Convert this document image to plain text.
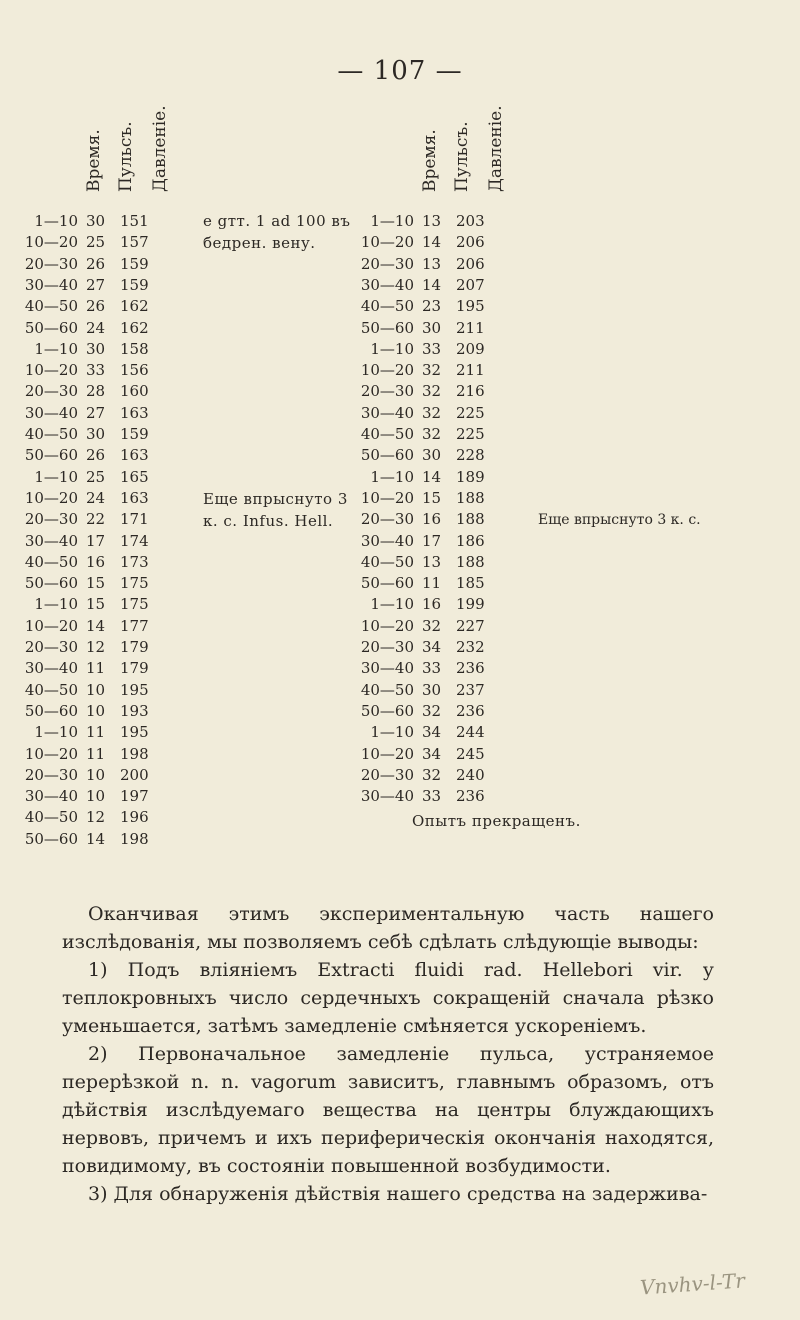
— 107 —
Время. Пульсъ. Давленіе.	Время. Пульсъ. Давленіе.
1—10 30 151
10—20 25 157
20—30 26 159
30—40 27 159
40—50 26 162
50—60 24 162
1—10 30 158
10—20 33 156
20—30 28 160
30—40 27 163
40—50 30 159
50—60 26 163
1—10 25 165
10—20 24 163
20—30 22 171
30—40 17 174
40—50 16 173
50—60 15 175
1—10 15 175
10—20 14 177
20—30 12 179
30—40 11 179
40—50 10 195
50—60 10 193
1—10 11 195
10—20 11 198
20—30 10 200
30—40 10 197
40—50 12 196
50—60 14 198
1—10 13 203
10—20 14 206
20—30 13 206
30—40 14 207
40—50 23 195
50—60 30 211
1—10 33 209
10—20 32 211
20—30 32 216
30—40 32 225
40—50 32 225
50—60 30 228
1—10 14 189
10—20 15 188
20—30 16 188
30—40 17 186
40—50 13 188
50—60 11 185
1—10 16 199
10—20 32 227
20—30 34 232
30—40 33 236
40—50 30 237
50—60 32 236
1—10 34 244
10—20 34 245
20—30 32 240
30—40 33 236
е gтт. 1 ad 100 въ
бедрен. вену.
Еще впрыснуто 3
к. с. Infus. Hell.	Еще впрыснуто 3 к. с.
Опытъ прекращенъ.

Оканчивая этимъ экспериментальную часть нашего изслѣдованія, мы позволяемъ себѣ сдѣлать слѣдующіе выводы:

1) Подъ вліяніемъ Extracti fluidi rad. Hellebori vir. у теплокровныхъ число сердечныхъ сокращеній сначала рѣзко уменьшается, затѣмъ замедленіе смѣняется ускореніемъ.

2) Первоначальное замедленіе пульса, устраняемое перерѣзкой n. n. vagorum зависитъ, главнымъ образомъ, отъ дѣйствія изслѣдуемаго вещества на центры блуждающихъ нервовъ, причемъ и ихъ периферическія окончанія находятся, повидимому, въ состояніи повышенной возбудимости.

3) Для обнаруженія дѣйствія нашего средства на задержива-

Vnvhv-l-Tr
